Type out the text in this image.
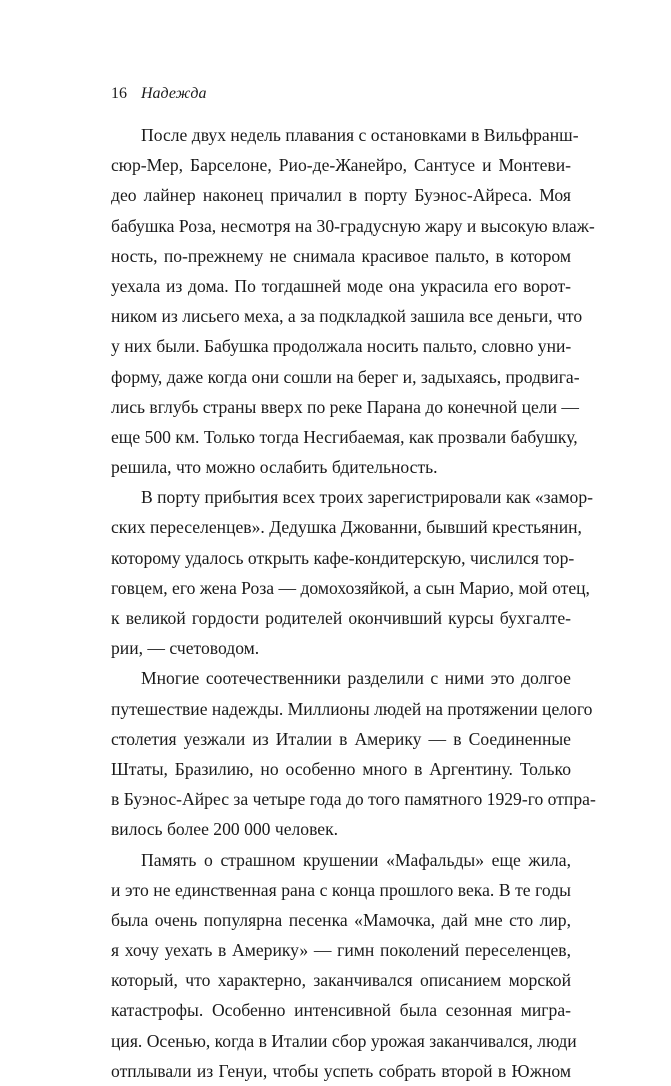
16 Надежда
После двух недель плавания с остановками в Вильфранш-
сюр-Мер, Барселоне, Рио-де-Жанейро, Сантусе и Монтеви-
део лайнер наконец причалил в порту Буэнос-Айреса. Моя
бабушка Роза, несмотря на 30-градусную жару и высокую влаж-
ность, по-прежнему не снимала красивое пальто, в котором
уехала из дома. По тогдашней моде она украсила его ворот-
ником из лисьего меха, а за подкладкой зашила все деньги, что
у них были. Бабушка продолжала носить пальто, словно уни-
форму, даже когда они сошли на берег и, задыхаясь, продвига-
лись вглубь страны вверх по реке Парана до конечной цели —
еще 500 км. Только тогда Несгибаемая, как прозвали бабушку,
решила, что можно ослабить бдительность.
В порту прибытия всех троих зарегистрировали как «замор-
ских переселенцев». Дедушка Джованни, бывший крестьянин,
которому удалось открыть кафе-кондитерскую, числился тор-
говцем, его жена Роза — домохозяйкой, а сын Марио, мой отец,
к великой гордости родителей окончивший курсы бухгалте-
рии, — счетоводом.
Многие соотечественники разделили с ними это долгое
путешествие надежды. Миллионы людей на протяжении целого
столетия уезжали из Италии в Америку — в Соединенные
Штаты, Бразилию, но особенно много в Аргентину. Только
в Буэнос-Айрес за четыре года до того памятного 1929-го отпра-
вилось более 200 000 человек.
Память о страшном крушении «Мафальды» еще жила,
и это не единственная рана с конца прошлого века. В те годы
была очень популярна песенка «Мамочка, дай мне сто лир,
я хочу уехать в Америку» — гимн поколений переселенцев,
который, что характерно, заканчивался описанием морской
катастрофы. Особенно интенсивной была сезонная мигра-
ция. Осенью, когда в Италии сбор урожая заканчивался, люди
отплывали из Генуи, чтобы успеть собрать второй в Южном
